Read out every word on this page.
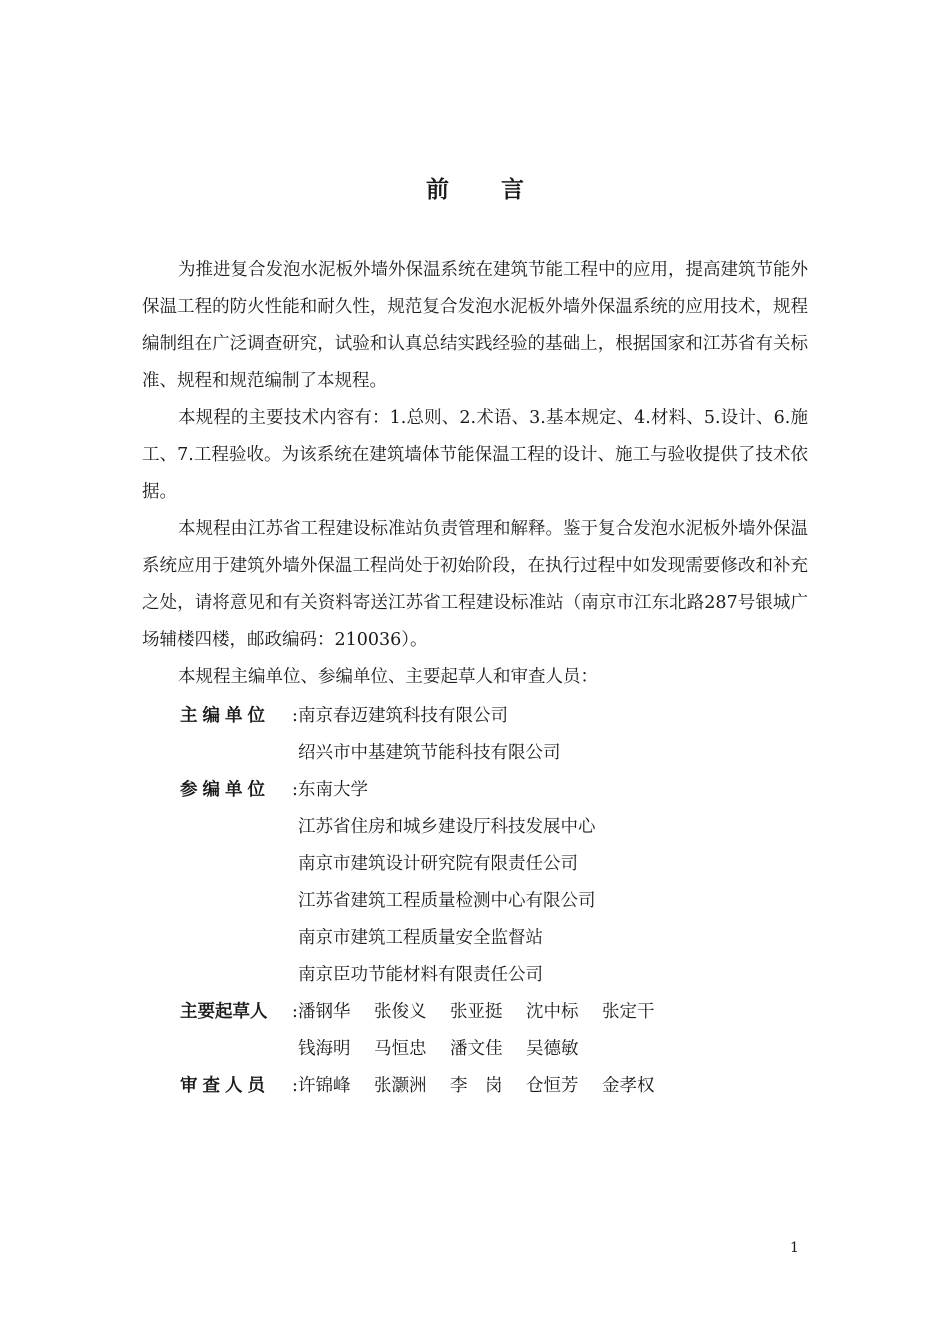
前言

为推进复合发泡水泥板外墙外保温系统在建筑节能工程中的应用，提高建筑节能外保温工程的防火性能和耐久性，规范复合发泡水泥板外墙外保温系统的应用技术，规程编制组在广泛调查研究，试验和认真总结实践经验的基础上，根据国家和江苏省有关标准、规程和规范编制了本规程。

本规程的主要技术内容有：1.总则、2.术语、3.基本规定、4.材料、5.设计、6.施工、7.工程验收。为该系统在建筑墙体节能保温工程的设计、施工与验收提供了技术依据。

本规程由江苏省工程建设标准站负责管理和解释。鉴于复合发泡水泥板外墙外保温系统应用于建筑外墙外保温工程尚处于初始阶段，在执行过程中如发现需要修改和补充之处，请将意见和有关资料寄送江苏省工程建设标准站（南京市江东北路287号银城广场辅楼四楼，邮政编码：210036）。

本规程主编单位、参编单位、主要起草人和审查人员：

主编单位	: 南京春迈建筑科技有限公司

绍兴市中基建筑节能科技有限公司

参编单位	: 东南大学

江苏省住房和城乡建设厅科技发展中心

南京市建筑设计研究院有限责任公司

江苏省建筑工程质量检测中心有限公司

南京市建筑工程质量安全监督站

南京臣功节能材料有限责任公司

主要起草人	: 潘钢华	张俊义	张亚挺	沈中标	张定干
钱海明	马恒忠	潘文佳	吴德敏
审查人员	: 许锦峰	张灏洲	李　岗	仓恒芳	金孝权
1
